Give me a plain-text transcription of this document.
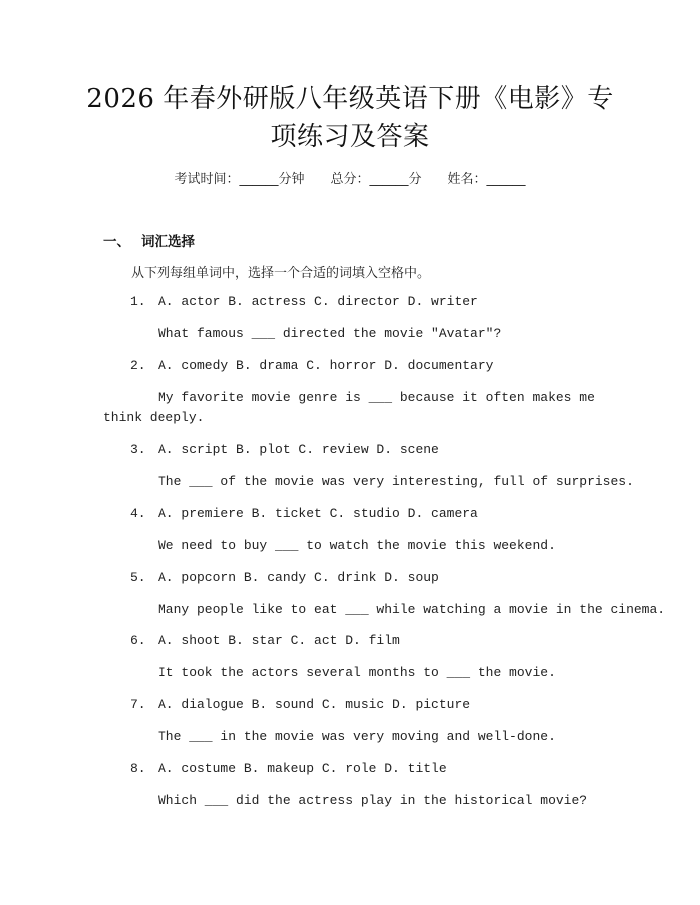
2026 年春外研版八年级英语下册《电影》专
项练习及答案
考试时间：______分钟 总分：______分 姓名：______
一、 词汇选择
从下列每组单词中，选择一个合适的词填入空格中。
1. A. actor B. actress C. director D. writer
What famous ___ directed the movie "Avatar"?
2. A. comedy B. drama C. horror D. documentary
My favorite movie genre is ___ because it often makes me think deeply.
3. A. script B. plot C. review D. scene
The ___ of the movie was very interesting, full of surprises.
4. A. premiere B. ticket C. studio D. camera
We need to buy ___ to watch the movie this weekend.
5. A. popcorn B. candy C. drink D. soup
Many people like to eat ___ while watching a movie in the cinema.
6. A. shoot B. star C. act D. film
It took the actors several months to ___ the movie.
7. A. dialogue B. sound C. music D. picture
The ___ in the movie was very moving and well-done.
8. A. costume B. makeup C. role D. title
Which ___ did the actress play in the historical movie?
